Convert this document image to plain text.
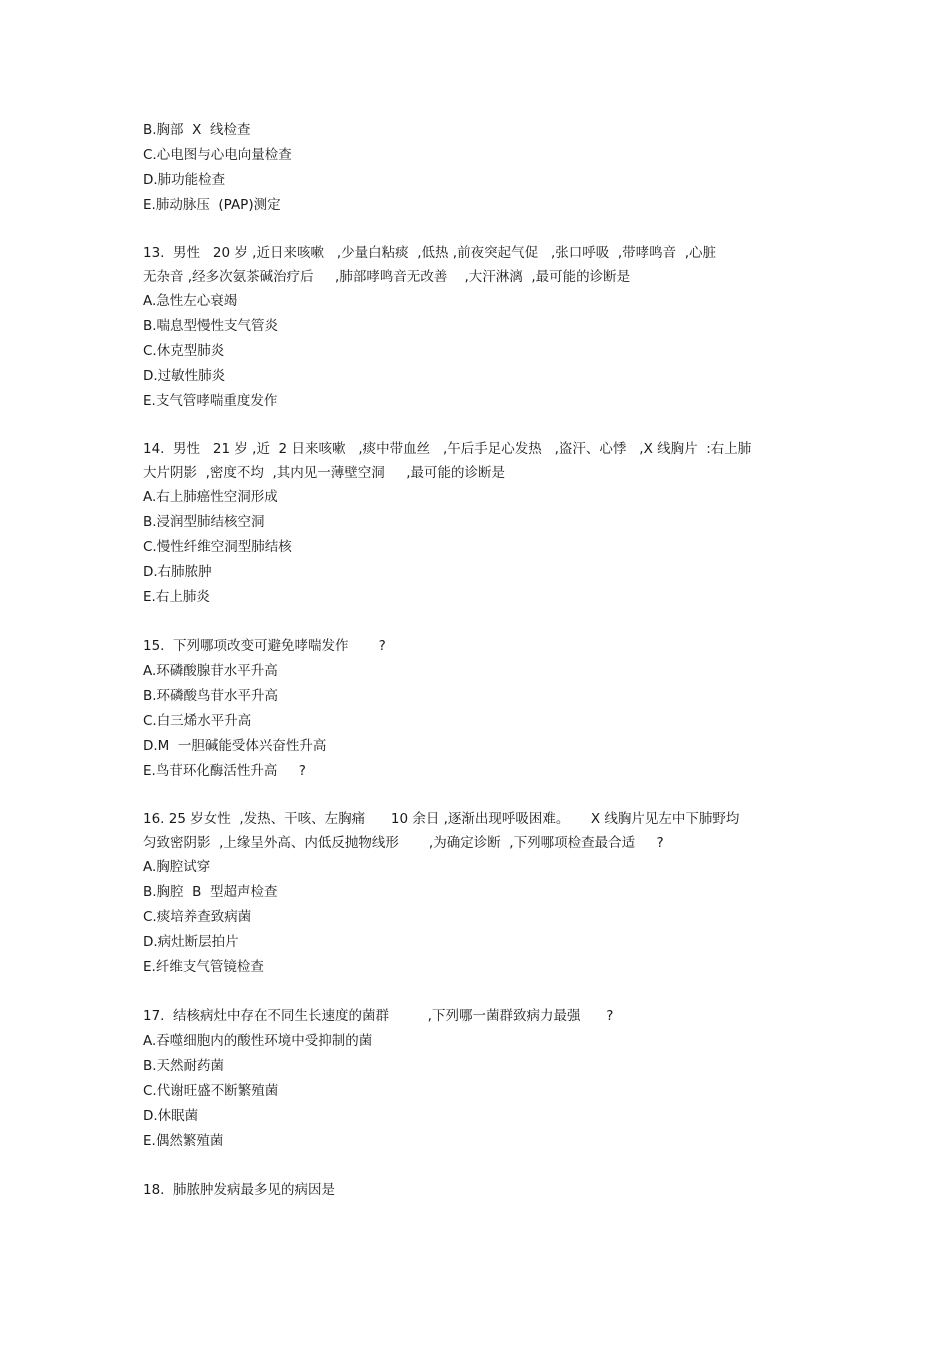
B.胸部  X  线检查

C.心电图与心电向量检查

D.肺功能检查

E.肺动脉压  (PAP)测定

13.  男性   20 岁 ,近日来咳嗽   ,少量白粘痰  ,低热 ,前夜突起气促   ,张口呼吸  ,带哮鸣音  ,心脏

无杂音 ,经多次氨茶碱治疗后     ,肺部哮鸣音无改善    ,大汗淋漓  ,最可能的诊断是

A.急性左心衰竭

B.喘息型慢性支气管炎

C.休克型肺炎

D.过敏性肺炎

E.支气管哮喘重度发作

14.  男性   21 岁 ,近  2 日来咳嗽   ,痰中带血丝   ,午后手足心发热   ,盗汗、心悸   ,X 线胸片  :右上肺

大片阴影  ,密度不均  ,其内见一薄壁空洞     ,最可能的诊断是

A.右上肺癌性空洞形成

B.浸润型肺结核空洞

C.慢性纤维空洞型肺结核

D.右肺脓肿

E.右上肺炎

15.  下列哪项改变可避免哮喘发作       ?

A.环磷酸腺苷水平升高

B.环磷酸鸟苷水平升高

C.白三烯水平升高

D.M  一胆碱能受体兴奋性升高

E.鸟苷环化酶活性升高     ?

16. 25 岁女性  ,发热、干咳、左胸痛      10 余日 ,逐渐出现呼吸困难。     X 线胸片见左中下肺野均

匀致密阴影  ,上缘呈外高、内低反抛物线形       ,为确定诊断  ,下列哪项检查最合适     ?

A.胸腔试穿

B.胸腔  B  型超声检查

C.痰培养查致病菌

D.病灶断层拍片

E.纤维支气管镜检查

17.  结核病灶中存在不同生长速度的菌群         ,下列哪一菌群致病力最强      ?

A.吞噬细胞内的酸性环境中受抑制的菌

B.天然耐药菌

C.代谢旺盛不断繁殖菌

D.休眠菌

E.偶然繁殖菌

18.  肺脓肿发病最多见的病因是
